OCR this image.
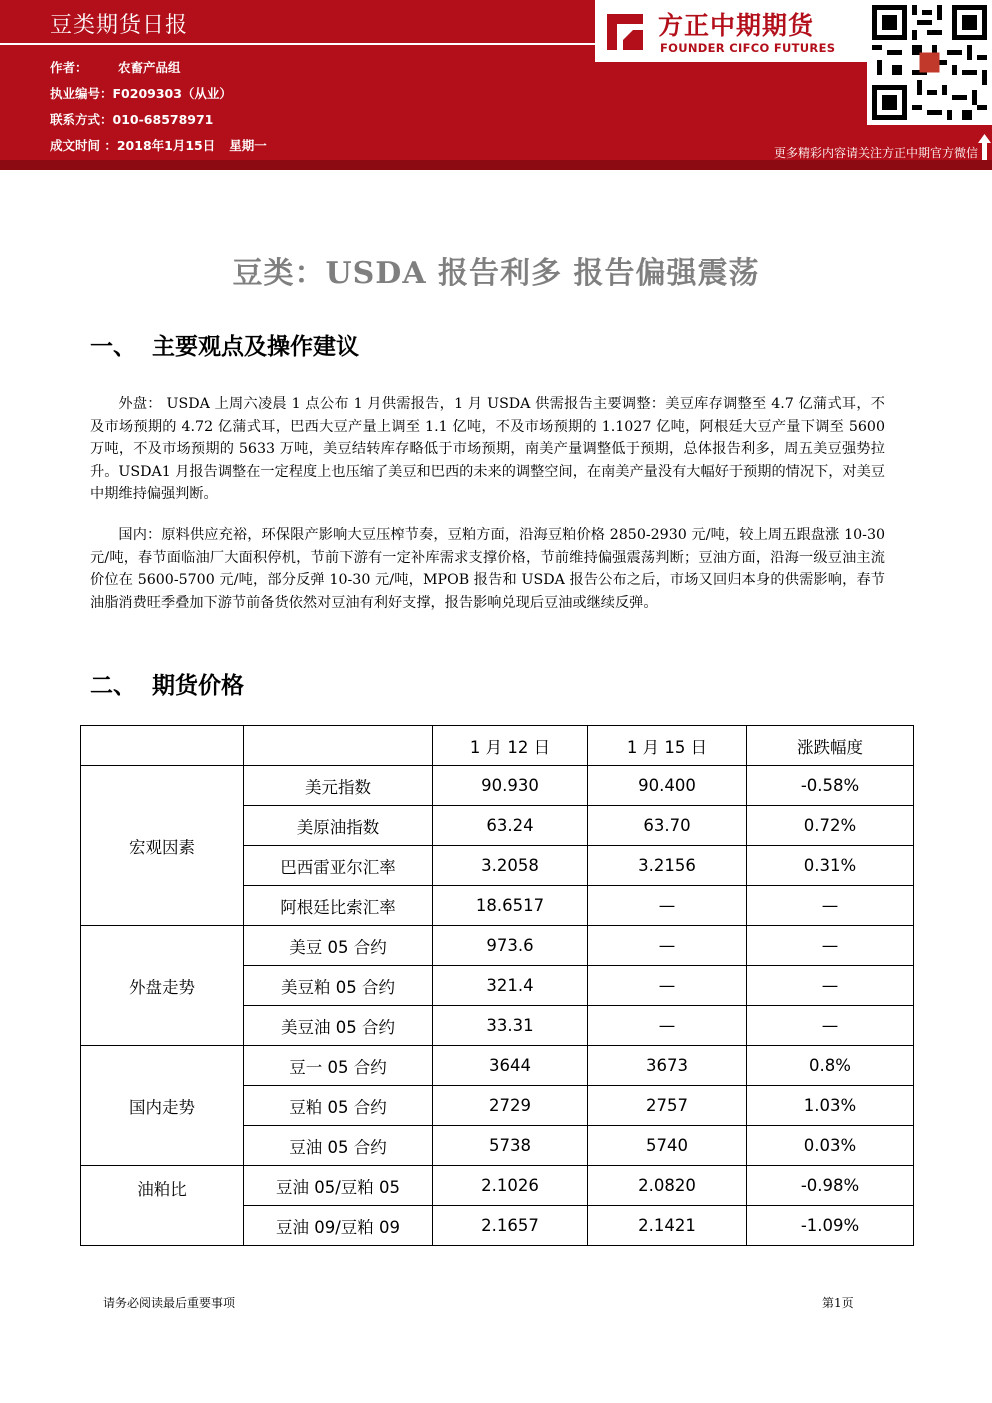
豆类期货日报
作者： 农畜产品组
执业编号：F0209303（从业）
联系方式：010-68578971
成文时间 ：2018年1月15日 星期一
方正中期期货
FOUNDER CIFCO FUTURES
更多精彩内容请关注方正中期官方微信
豆类：USDA 报告利多 报告偏强震荡
一、 主要观点及操作建议
外盘： USDA 上周六凌晨 1 点公布 1 月供需报告，1 月 USDA 供需报告主要调整：美豆库存调整至 4.7 亿蒲式耳，不及市场预期的 4.72 亿蒲式耳，巴西大豆产量上调至 1.1 亿吨，不及市场预期的 1.1027 亿吨，阿根廷大豆产量下调至 5600 万吨，不及市场预期的 5633 万吨，美豆结转库存略低于市场预期，南美产量调整低于预期，总体报告利多，周五美豆强势拉升。USDA1 月报告调整在一定程度上也压缩了美豆和巴西的未来的调整空间，在南美产量没有大幅好于预期的情况下，对美豆中期维持偏强判断。
国内：原料供应充裕，环保限产影响大豆压榨节奏，豆粕方面，沿海豆粕价格 2850-2930 元/吨，较上周五跟盘涨 10-30 元/吨，春节面临油厂大面积停机，节前下游有一定补库需求支撑价格，节前维持偏强震荡判断；豆油方面，沿海一级豆油主流价位在 5600-5700 元/吨，部分反弹 10-30 元/吨，MPOB 报告和 USDA 报告公布之后，市场又回归本身的供需影响，春节油脂消费旺季叠加下游节前备货依然对豆油有利好支撑，报告影响兑现后豆油或继续反弹。
二、 期货价格
		1 月 12 日	1 月 15 日	涨跌幅度
宏观因素	美元指数	90.930	90.400	-0.58%
	美原油指数	63.24	63.70	0.72%
	巴西雷亚尔汇率	3.2058	3.2156	0.31%
	阿根廷比索汇率	18.6517	—	—
外盘走势	美豆 05 合约	973.6	—	—
	美豆粕 05 合约	321.4	—	—
	美豆油 05 合约	33.31	—	—
国内走势	豆一 05 合约	3644	3673	0.8%
	豆粕 05 合约	2729	2757	1.03%
	豆油 05 合约	5738	5740	0.03%
油粕比	豆油 05/豆粕 05	2.1026	2.0820	-0.98%
	豆油 09/豆粕 09	2.1657	2.1421	-1.09%
请务必阅读最后重要事项	第1页
